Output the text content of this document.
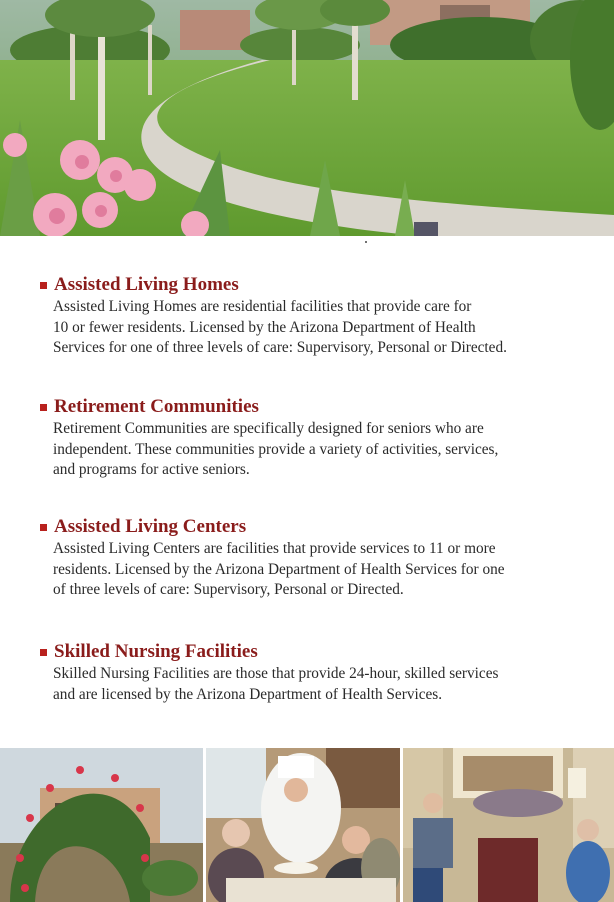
Assisted Living Homes
Assisted Living Homes are residential facilities that provide care for
10 or fewer residents. Licensed by the Arizona Department of Health
Services for one of three levels of care: Supervisory, Personal or Directed.
Retirement Communities
Retirement Communities are specifically designed for seniors who are
independent. These communities provide a variety of activities, services,
and programs for active seniors.
Assisted Living Centers
Assisted Living Centers are facilities that provide services to 11 or more
residents. Licensed by the Arizona Department of Health Services for one
of three levels of care: Supervisory, Personal or Directed.
Skilled Nursing Facilities
Skilled Nursing Facilities are those that provide 24-hour, skilled services
and are licensed by the Arizona Department of Health Services.
